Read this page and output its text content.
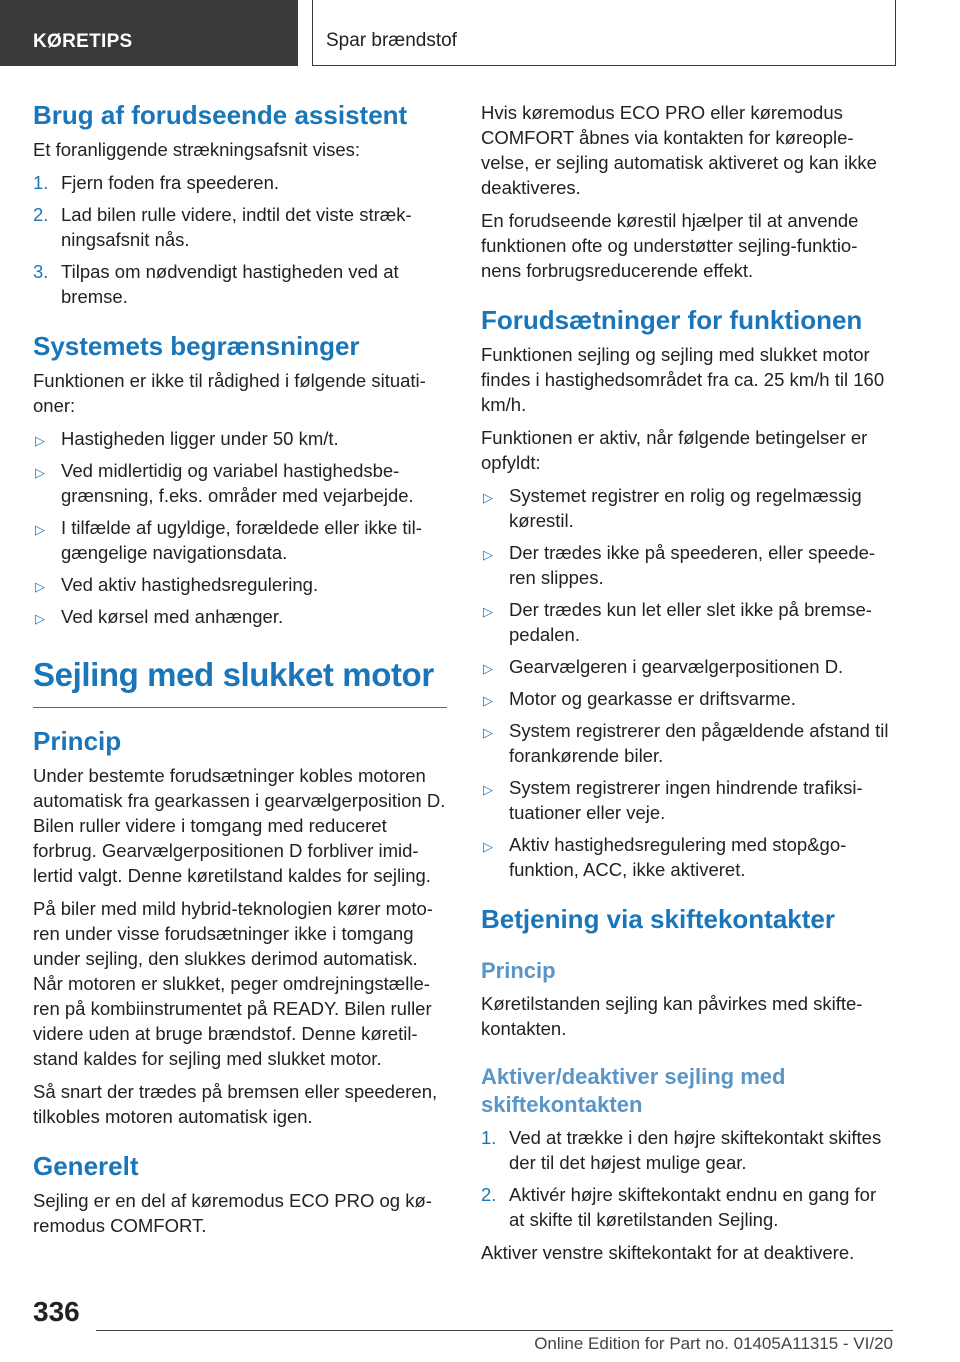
KØRETIPS	Spar brændstof
Brug af forudseende assistent

Et foranliggende strækningsafsnit vises:

1. Fjern foden fra speederen.
2. Lad bilen rulle videre, indtil det viste stræk-ningsafsnit nås.
3. Tilpas om nødvendigt hastigheden ved at bremse.
Systemets begrænsninger

Funktionen er ikke til rådighed i følgende situati-oner:

▷ Hastigheden ligger under 50 km/t.
▷ Ved midlertidig og variabel hastighedsbe-grænsning, f.eks. områder med vejarbejde.
▷ I tilfælde af ugyldige, forældede eller ikke til-gængelige navigationsdata.
▷ Ved aktiv hastighedsregulering.
▷ Ved kørsel med anhænger.
Sejling med slukket motor
Princip

Under bestemte forudsætninger kobles motoren automatisk fra gearkassen i gearvælgerposition D. Bilen ruller videre i tomgang med reduceret forbrug. Gearvælgerpositionen D forbliver imid-lertid valgt. Denne køretilstand kaldes for sejling.

På biler med mild hybrid-teknologien kører moto-ren under visse forudsætninger ikke i tomgang under sejling, den slukkes derimod automatisk. Når motoren er slukket, peger omdrejningstælle-ren på kombiinstrumentet på READY. Bilen ruller videre uden at bruge brændstof. Denne køretil-stand kaldes for sejling med slukket motor.

Så snart der trædes på bremsen eller speederen, tilkobles motoren automatisk igen.

Generelt

Sejling er en del af køremodus ECO PRO og kø-remodus COMFORT.

Hvis køremodus ECO PRO eller køremodus COMFORT åbnes via kontakten for køreople-velse, er sejling automatisk aktiveret og kan ikke deaktiveres.

En forudseende kørestil hjælper til at anvende funktionen ofte og understøtter sejling-funktio-nens forbrugsreducerende effekt.

Forudsætninger for funktionen

Funktionen sejling og sejling med slukket motor findes i hastighedsområdet fra ca. 25 km/h til 160 km/h.

Funktionen er aktiv, når følgende betingelser er opfyldt:

▷ Systemet registrer en rolig og regelmæssig kørestil.
▷ Der trædes ikke på speederen, eller speede-ren slippes.
▷ Der trædes kun let eller slet ikke på bremse-pedalen.
▷ Gearvælgeren i gearvælgerpositionen D.
▷ Motor og gearkasse er driftsvarme.
▷ System registrerer den pågældende afstand til forankørende biler.
▷ System registrerer ingen hindrende trafiksi-tuationer eller veje.
▷ Aktiv hastighedsregulering med stop&go-funktion, ACC, ikke aktiveret.
Betjening via skiftekontakter
Princip

Køretilstanden sejling kan påvirkes med skifte-kontakten.

Aktiver/deaktiver sejling med skiftekontakten
1. Ved at trække i den højre skiftekontakt skiftes der til det højest mulige gear.
2. Aktivér højre skiftekontakt endnu en gang for at skifte til køretilstanden Sejling.

Aktiver venstre skiftekontakt for at deaktivere.

336
Online Edition for Part no. 01405A11315 - VI/20
